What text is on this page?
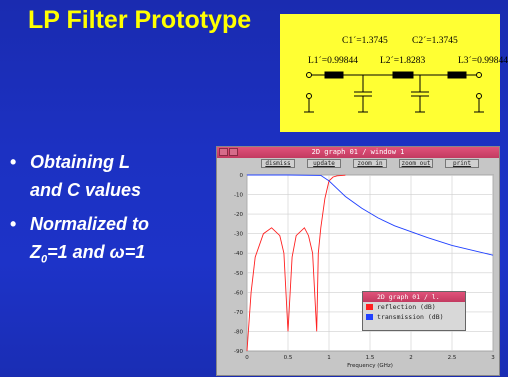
LP Filter Prototype
C1´=1.3745	C2´=1.3745
L1´=0.99844 L2´=1.8283	L3´=0.99844
• Obtaining L
and C values
• Normalized to
$Z_0=1$ and ω=1
2D graph 01 / window 1
dismiss	update	zoom in	zoom out	print
0
-10
-20
-30
-40
-50
-60
-70
-80
-90
0	0.5	1	1.5	2	2.5	3
Frequency (GHz)
2D graph 01 / l.
reflection (dB)
transmission (dB)
